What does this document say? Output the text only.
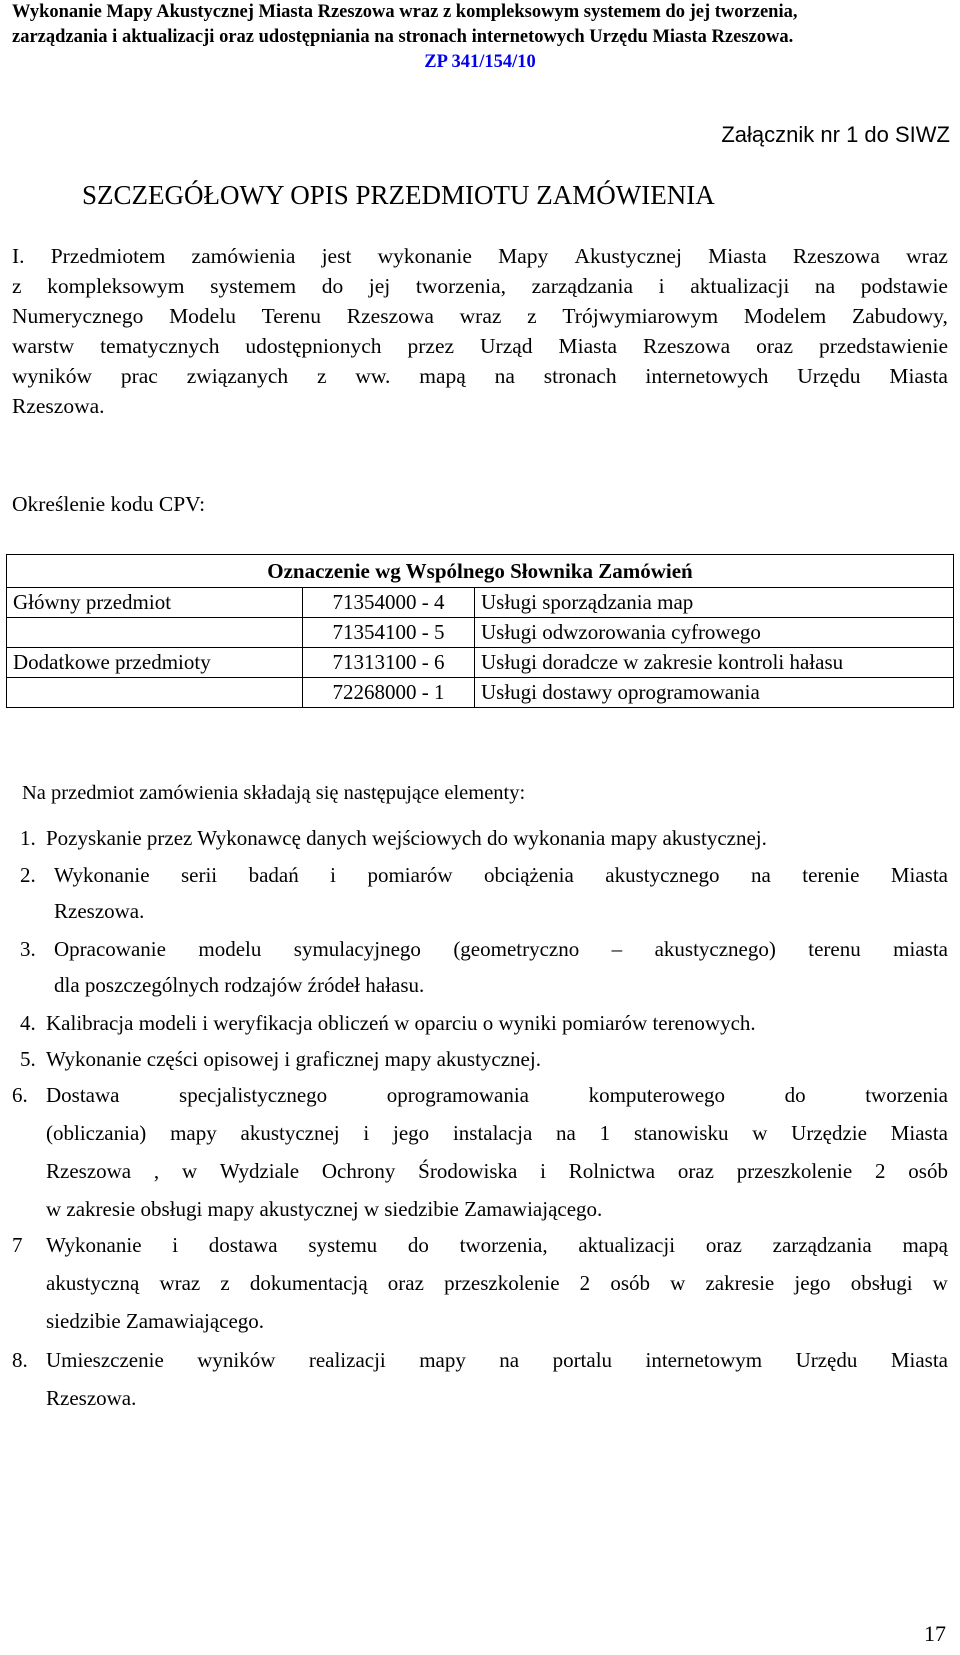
Wykonanie Mapy Akustycznej Miasta Rzeszowa wraz z kompleksowym systemem do jej tworzenia,
zarządzania i aktualizacji oraz udostępniania na stronach internetowych Urzędu Miasta Rzeszowa.
ZP 341/154/10
Załącznik nr 1 do SIWZ
SZCZEGÓŁOWY OPIS PRZEDMIOTU ZAMÓWIENIA
I. Przedmiotem zamówienia jest wykonanie Mapy Akustycznej Miasta Rzeszowa wraz
z kompleksowym systemem do jej tworzenia, zarządzania i aktualizacji na podstawie
Numerycznego Modelu Terenu Rzeszowa wraz z Trójwymiarowym Modelem Zabudowy,
warstw tematycznych udostępnionych przez Urząd Miasta Rzeszowa oraz przedstawienie
wyników prac związanych z ww. mapą na stronach internetowych Urzędu Miasta
Rzeszowa.
Określenie kodu CPV:
Oznaczenie wg Wspólnego Słownika Zamówień		
Główny przedmiot	71354000 - 4	Usługi sporządzania map
	71354100 - 5	Usługi odwzorowania cyfrowego
Dodatkowe przedmioty	71313100 - 6	Usługi doradcze w zakresie kontroli hałasu
	72268000 - 1	Usługi dostawy oprogramowania
Na przedmiot zamówienia składają się następujące elementy:
1. Pozyskanie przez Wykonawcę danych wejściowych do wykonania mapy akustycznej.
2. Wykonanie serii badań i pomiarów obciążenia akustycznego na terenie Miasta
Rzeszowa.
3. Opracowanie modelu symulacyjnego (geometryczno – akustycznego) terenu miasta
dla poszczególnych rodzajów źródeł hałasu.
4. Kalibracja modeli i weryfikacja obliczeń w oparciu o wyniki pomiarów terenowych.
5. Wykonanie części opisowej i graficznej mapy akustycznej.
6. Dostawa	specjalistycznego	oprogramowania	komputerowego	do	tworzenia
(obliczania) mapy akustycznej i jego instalacja na 1 stanowisku w Urzędzie Miasta
Rzeszowa , w Wydziale Ochrony Środowiska i Rolnictwa oraz przeszkolenie 2 osób
w zakresie obsługi mapy akustycznej w siedzibie Zamawiającego.
7 Wykonanie i dostawa systemu do tworzenia, aktualizacji oraz zarządzania mapą
akustyczną wraz z dokumentacją oraz przeszkolenie 2 osób w zakresie jego obsługi w
siedzibie Zamawiającego.
8. Umieszczenie wyników realizacji mapy na portalu internetowym Urzędu Miasta
Rzeszowa.
17
